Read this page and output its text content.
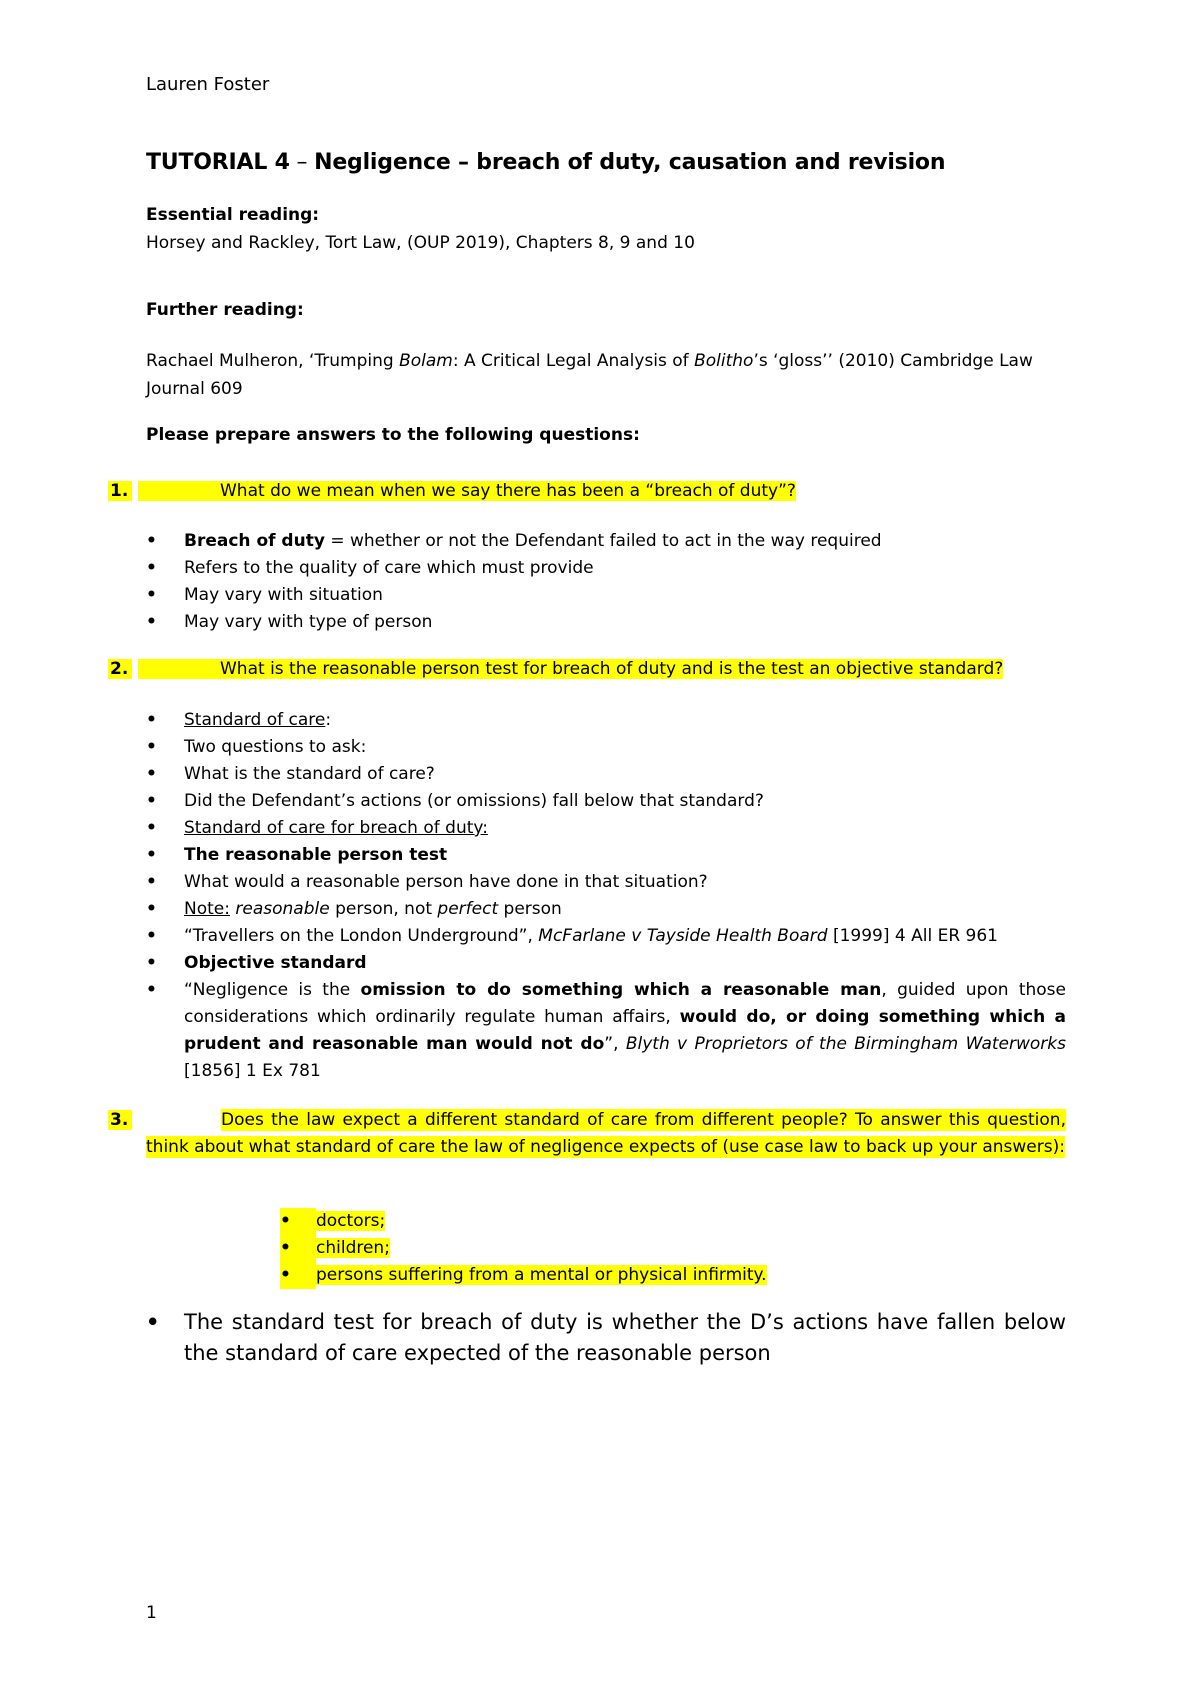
Lauren Foster
TUTORIAL 4 – Negligence – breach of duty, causation and revision
Essential reading:
Horsey and Rackley, Tort Law, (OUP 2019), Chapters 8, 9 and 10
Further reading:
Rachael Mulheron, ‘Trumping Bolam: A Critical Legal Analysis of Bolitho’s ‘gloss’’ (2010) Cambridge Law Journal 609
Please prepare answers to the following questions:
1.	What do we mean when we say there has been a “breach of duty”?
• Breach of duty = whether or not the Defendant failed to act in the way required
• Refers to the quality of care which must provide
• May vary with situation
• May vary with type of person
2.	What is the reasonable person test for breach of duty and is the test an objective standard?
• Standard of care:
• Two questions to ask:
• What is the standard of care?
• Did the Defendant’s actions (or omissions) fall below that standard?
• Standard of care for breach of duty:
• The reasonable person test
• What would a reasonable person have done in that situation?
• Note: reasonable person, not perfect person
• “Travellers on the London Underground”, McFarlane v Tayside Health Board [1999] 4 All ER 961
• Objective standard
• “Negligence is the omission to do something which a reasonable man, guided upon those considerations which ordinarily regulate human affairs, would do, or doing something which a prudent and reasonable man would not do”, Blyth v Proprietors of the Birmingham Waterworks [1856] 1 Ex 781
3.	Does the law expect a different standard of care from different people? To answer this question, think about what standard of care the law of negligence expects of (use case law to back up your answers):
• doctors;
• children;
• persons suffering from a mental or physical infirmity.
•	The standard test for breach of duty is whether the D’s actions have fallen below the standard of care expected of the reasonable person
1
